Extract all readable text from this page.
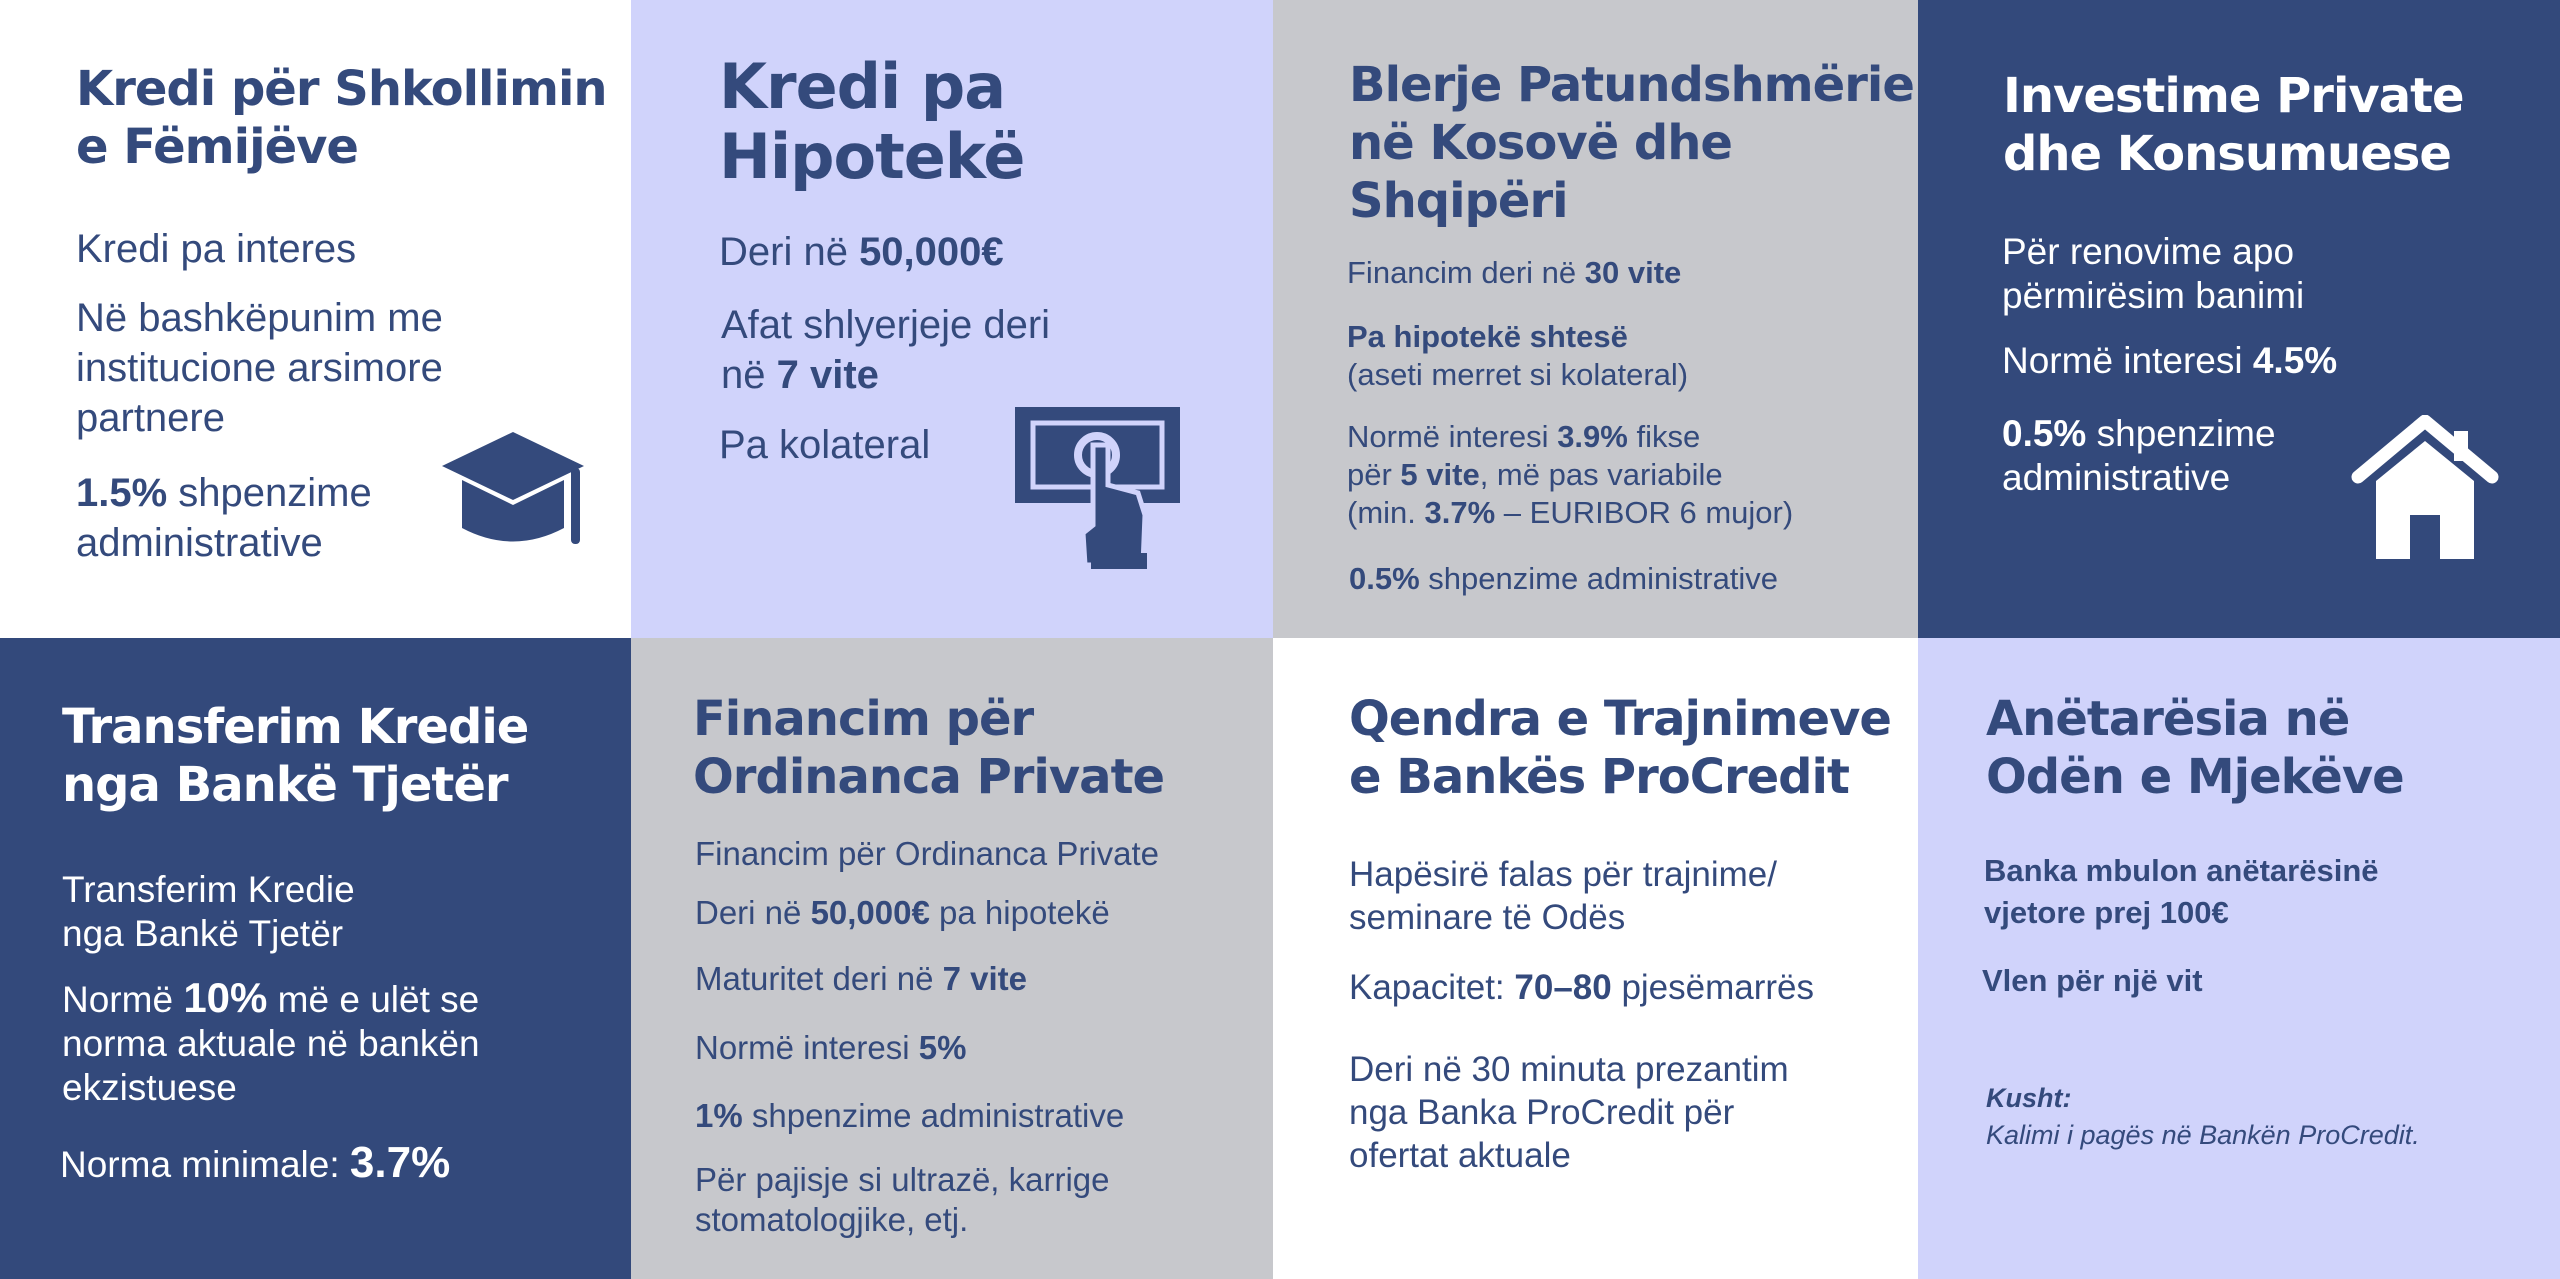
Kredi për Shkollimin
e Fëmijëve

Kredi pa interes

Në bashkëpunim me
institucione arsimore
partnere

1.5% shpenzime
administrative

Kredi pa
Hipotekë

Deri në 50,000€

Afat shlyerjeje deri
në 7 vite

Pa kolateral

Blerje Patundshmërie
në Kosovë dhe
Shqipëri

Financim deri në 30 vite

Pa hipotekë shtesë
(aseti merret si kolateral)

Normë interesi 3.9% fikse
për 5 vite, më pas variabile
(min. 3.7% – EURIBOR 6 mujor)

0.5% shpenzime administrative

Investime Private
dhe Konsumuese

Për renovime apo
përmirësim banimi

Normë interesi 4.5%

0.5% shpenzime
administrative

Transferim Kredie
nga Bankë Tjetër

Transferim Kredie
nga Bankë Tjetër

Normë 10% më e ulët se
norma aktuale në bankën
ekzistuese

Norma minimale: 3.7%

Financim për
Ordinanca Private

Financim për Ordinanca Private

Deri në 50,000€ pa hipotekë

Maturitet deri në 7 vite

Normë interesi 5%

1% shpenzime administrative

Për pajisje si ultrazë, karrige
stomatologjike, etj.

Qendra e Trajnimeve
e Bankës ProCredit

Hapësirë falas për trajnime/
seminare të Odës

Kapacitet: 70–80 pjesëmarrës

Deri në 30 minuta prezantim
nga Banka ProCredit për
ofertat aktuale

Anëtarësia në
Odën e Mjekëve

Banka mbulon anëtarësinë
vjetore prej 100€

Vlen për një vit

Kusht:
Kalimi i pagës në Bankën ProCredit.
